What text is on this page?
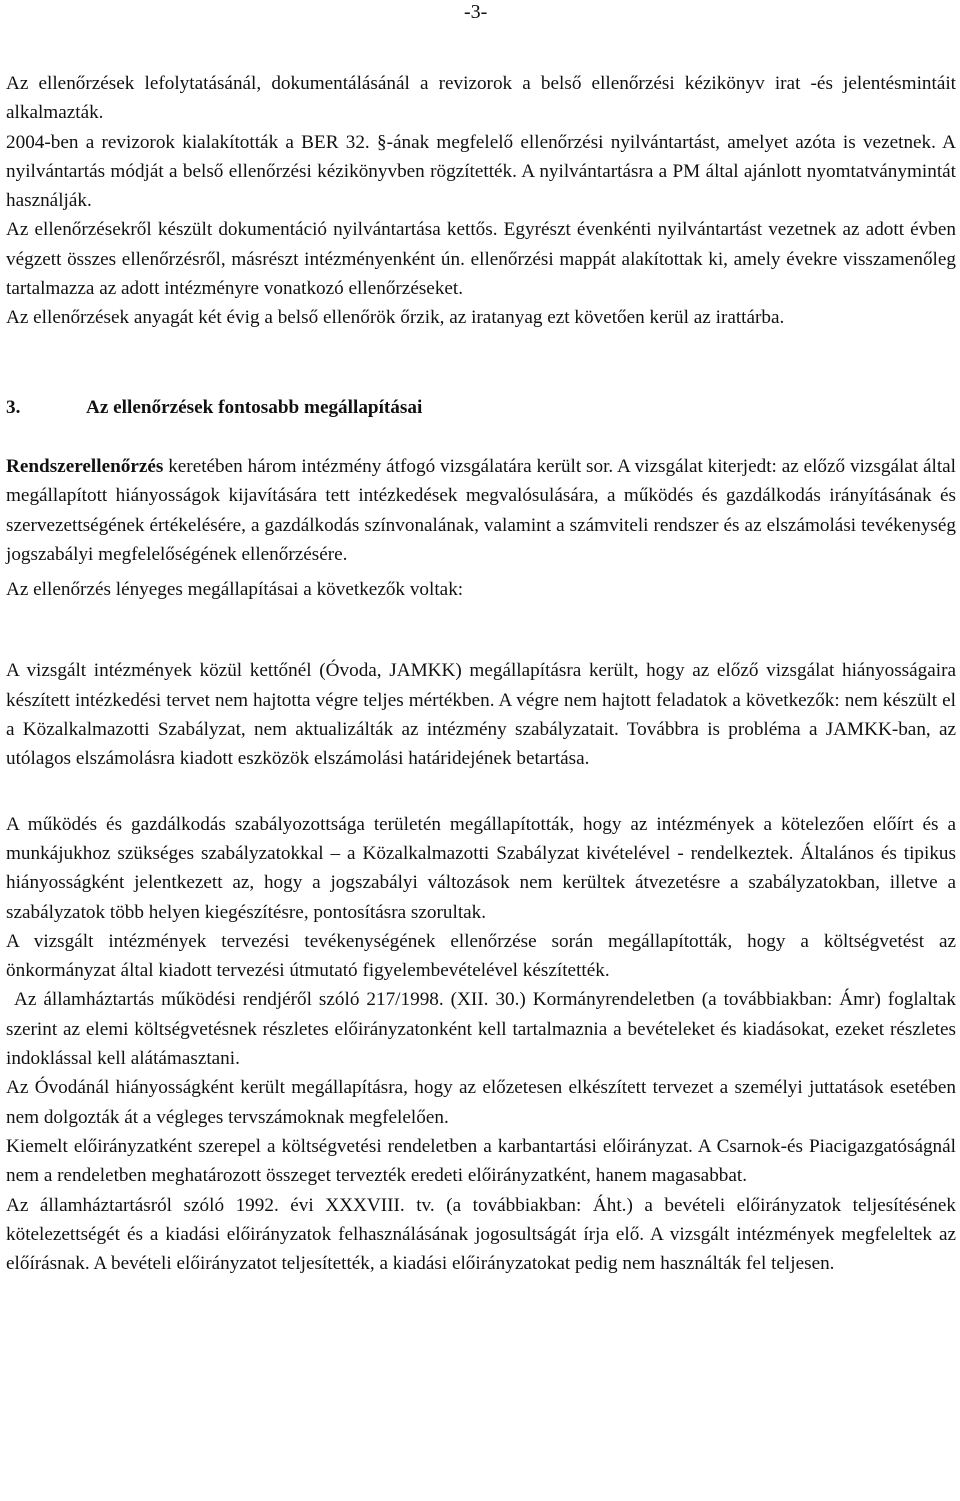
-3-

Az ellenőrzések lefolytatásánál, dokumentálásánál a revizorok a belső ellenőrzési kézikönyv irat -és jelentésmintáit alkalmazták.

2004-ben a revizorok kialakították a BER 32. §-ának megfelelő ellenőrzési nyilvántartást, amelyet azóta is vezetnek. A nyilvántartás módját a belső ellenőrzési kézikönyvben rögzítették. A nyilvántartásra a PM által ajánlott nyomtatványmintát használják.

Az ellenőrzésekről készült dokumentáció nyilvántartása kettős. Egyrészt évenkénti nyilvántartást vezetnek az adott évben végzett összes ellenőrzésről, másrészt intézményenként ún. ellenőrzési mappát alakítottak ki, amely évekre visszamenőleg tartalmazza az adott intézményre vonatkozó ellenőrzéseket.

Az ellenőrzések anyagát két évig a belső ellenőrök őrzik, az iratanyag ezt követően kerül az irattárba.

3.	Az ellenőrzések fontosabb megállapításai

Rendszerellenőrzés keretében három intézmény átfogó vizsgálatára került sor. A vizsgálat kiterjedt: az előző vizsgálat által megállapított hiányosságok kijavítására tett intézkedések megvalósulására, a működés és gazdálkodás irányításának és szervezettségének értékelésére, a gazdálkodás színvonalának, valamint a számviteli rendszer és az elszámolási tevékenység jogszabályi megfelelőségének ellenőrzésére.

Az ellenőrzés lényeges megállapításai a következők voltak:

A vizsgált intézmények közül kettőnél (Óvoda, JAMKK) megállapításra került, hogy az előző vizsgálat hiányosságaira készített intézkedési tervet nem hajtotta végre teljes mértékben. A végre nem hajtott feladatok a következők: nem készült el a Közalkalmazotti Szabályzat, nem aktualizálták az intézmény szabályzatait. Továbbra is probléma a JAMKK-ban, az utólagos elszámolásra kiadott eszközök elszámolási határidejének betartása.

A működés és gazdálkodás szabályozottsága területén megállapították, hogy az intézmények a kötelezően előírt és a munkájukhoz szükséges szabályzatokkal – a Közalkalmazotti Szabályzat kivételével - rendelkeztek. Általános és tipikus hiányosságként jelentkezett az, hogy a jogszabályi változások nem kerültek átvezetésre a szabályzatokban, illetve a szabályzatok több helyen kiegészítésre, pontosításra szorultak.

A vizsgált intézmények tervezési tevékenységének ellenőrzése során megállapították, hogy a költségvetést az önkormányzat által kiadott tervezési útmutató figyelembevételével készítették.

Az államháztartás működési rendjéről szóló 217/1998. (XII. 30.) Kormányrendeletben (a továbbiakban: Ámr) foglaltak szerint az elemi költségvetésnek részletes előirányzatonként kell tartalmaznia a bevételeket és kiadásokat, ezeket részletes indoklással kell alátámasztani.

Az Óvodánál hiányosságként került megállapításra, hogy az előzetesen elkészített tervezet a személyi juttatások esetében nem dolgozták át a végleges tervszámoknak megfelelően.

Kiemelt előirányzatként szerepel a költségvetési rendeletben a karbantartási előirányzat. A Csarnok-és Piacigazgatóságnál nem a rendeletben meghatározott összeget tervezték eredeti előirányzatként, hanem magasabbat.

Az államháztartásról szóló 1992. évi XXXVIII. tv. (a továbbiakban: Áht.) a bevételi előirányzatok teljesítésének kötelezettségét és a kiadási előirányzatok felhasználásának jogosultságát írja elő. A vizsgált intézmények megfeleltek az előírásnak. A bevételi előirányzatot teljesítették, a kiadási előirányzatokat pedig nem használták fel teljesen.
